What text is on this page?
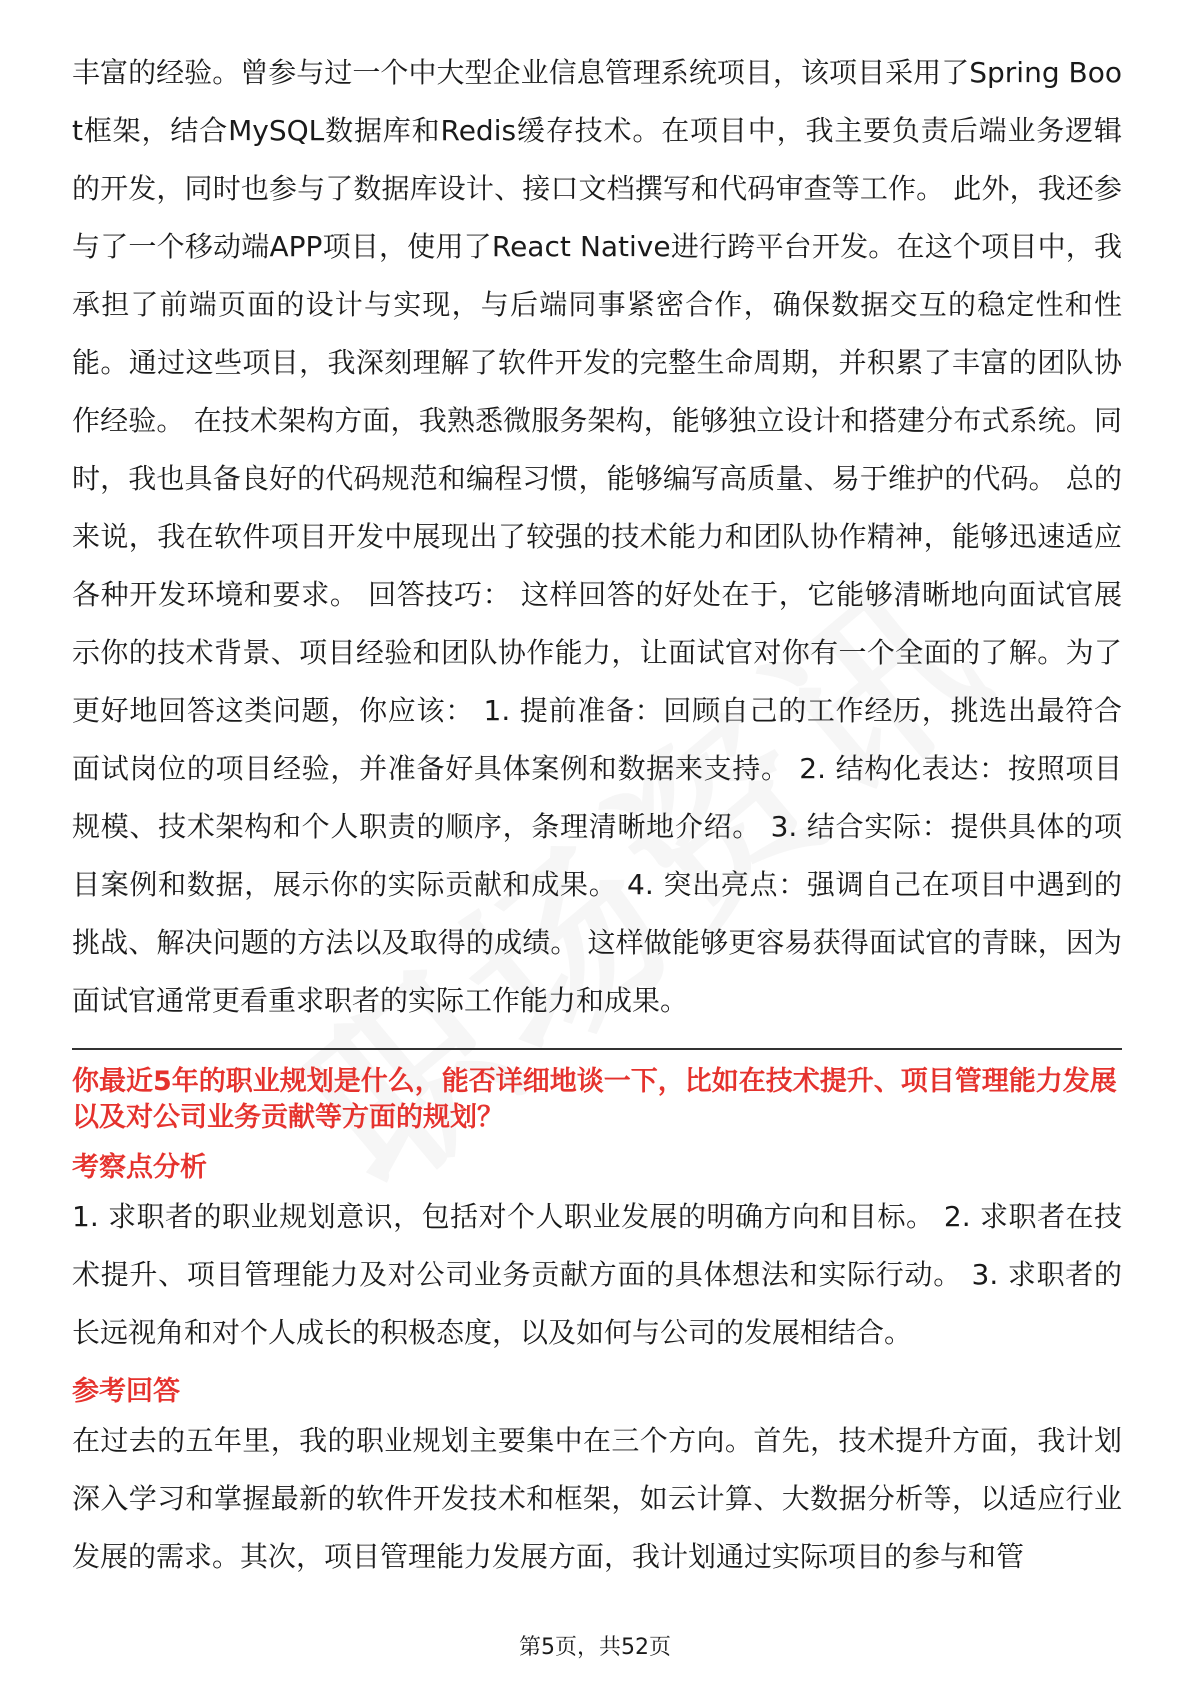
丰富的经验。曾参与过一个中大型企业信息管理系统项目，该项目采用了Spring Boot框架，结合MySQL数据库和Redis缓存技术。在项目中，我主要负责后端业务逻辑的开发，同时也参与了数据库设计、接口文档撰写和代码审查等工作。 此外，我还参与了一个移动端APP项目，使用了React Native进行跨平台开发。在这个项目中，我承担了前端页面的设计与实现，与后端同事紧密合作，确保数据交互的稳定性和性能。通过这些项目，我深刻理解了软件开发的完整生命周期，并积累了丰富的团队协作经验。 在技术架构方面，我熟悉微服务架构，能够独立设计和搭建分布式系统。同时，我也具备良好的代码规范和编程习惯，能够编写高质量、易于维护的代码。 总的来说，我在软件项目开发中展现出了较强的技术能力和团队协作精神，能够迅速适应各种开发环境和要求。 回答技巧： 这样回答的好处在于，它能够清晰地向面试官展示你的技术背景、项目经验和团队协作能力，让面试官对你有一个全面的了解。为了更好地回答这类问题，你应该： 1. 提前准备：回顾自己的工作经历，挑选出最符合面试岗位的项目经验，并准备好具体案例和数据来支持。 2. 结构化表达：按照项目规模、技术架构和个人职责的顺序，条理清晰地介绍。 3. 结合实际：提供具体的项目案例和数据，展示你的实际贡献和成果。 4. 突出亮点：强调自己在项目中遇到的挑战、解决问题的方法以及取得的成绩。 这样做能够更容易获得面试官的青睐，因为面试官通常更看重求职者的实际工作能力和成果。

你最近5年的职业规划是什么，能否详细地谈一下，比如在技术提升、项目管理能力发展以及对公司业务贡献等方面的规划？

考察点分析

1. 求职者的职业规划意识，包括对个人职业发展的明确方向和目标。 2. 求职者在技术提升、项目管理能力及对公司业务贡献方面的具体想法和实际行动。 3. 求职者的长远视角和对个人成长的积极态度，以及如何与公司的发展相结合。

参考回答

在过去的五年里，我的职业规划主要集中在三个方向。首先，技术提升方面，我计划深入学习和掌握最新的软件开发技术和框架，如云计算、大数据分析等，以适应行业发展的需求。其次，项目管理能力发展方面，我计划通过实际项目的参与和管

第5页，共52页
